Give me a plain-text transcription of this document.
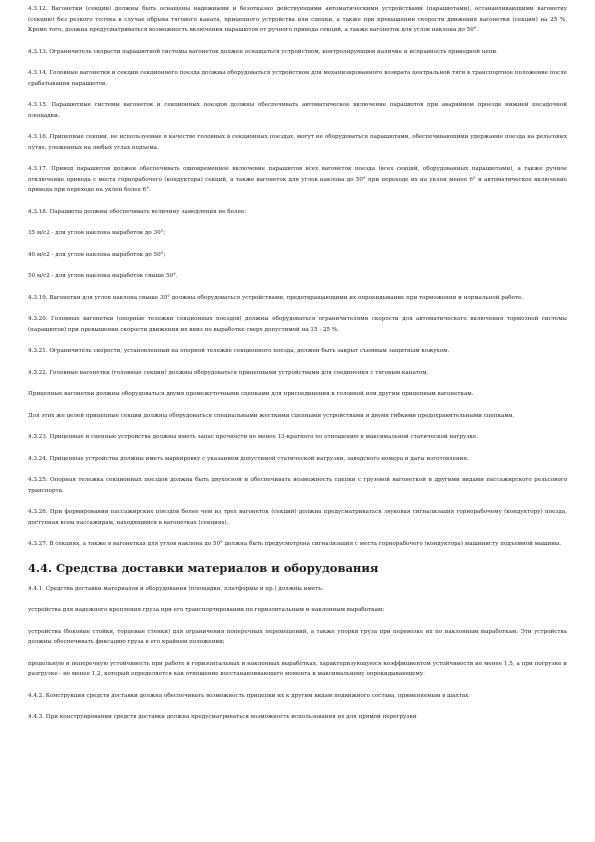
4.3.12. Вагонетки (секции) должны быть оснащены надежными и безотказно действующими автоматическими устройствами (парашютами), останавливающими вагонетку (секцию) без резкого толчка в случае обрыва тягового каната, прицепного устройства или сцепки, а также при превышении скорости движения вагонетки (секции) на 25 %. Кроме того, должна предусматриваться возможность включения парашютов от ручного привода секций, а также вагонеток для углов наклона до 50°.

4.3.13. Ограничитель скорости парашютной системы вагонеток должен оснащаться устройством, контролирующим наличие и исправность приводной цепи.

4.3.14. Головные вагонетки и секции секционного поезда должны оборудоваться устройством для механизированного возврата центральной тяги в транспортное положение после срабатывания парашютов.

4.3.15. Парашютные системы вагонеток и секционных поездов должны обеспечивать автоматическое включение парашютов при аварийном проезде нижней посадочной площадки.

4.3.16. Прицепные секции, не используемые в качестве головных в секционных поездах, могут не оборудоваться парашютами, обеспечивающими удержание поезда на рельсовых путях, уложенных на любых углах подъема.

4.3.17. Привод парашютов должен обеспечивать одновременное включение парашютов всех вагонеток поезда (всех секций, оборудованных парашютами), а также ручное отключение привода с места горнорабочего (кондуктора) секций, а также вагонеток для углов наклона до 50° при переходе их на уклон менее 6° и автоматическое включение привода при переходе на уклон более 6°.

4.3.18. Парашюты должны обеспечивать величину замедления не более:

35 м/с2 - для углов наклона выработок до 30°;

40 м/с2 - для углов наклона выработок до 50°;

50 м/с2 - для углов наклона выработок свыше 50°.

4.3.19. Вагонетки для углов наклона свыше 30° должны оборудоваться устройствами, предотвращающими их опрокидывание при торможении и нормальной работе.

4.3.20. Головные вагонетки (опорные тележки секционных поездов) должны оборудоваться ограничителями скорости для автоматического включения тормозной системы (парашютов) при превышении скорости движения их вниз по выработке сверх допустимой на 15 - 25 %.

4.3.21. Ограничитель скорости, установленный на опорной тележке секционного поезда, должен быть закрыт съемным защитным кожухом.

4.3.22. Головные вагонетки (головные секции) должны оборудоваться прицепными устройствами для соединения с тяговым канатом.

Прицепные вагонетки должны оборудоваться двумя промежуточными сцепками для присоединения к головной или другим прицепным вагонеткам.

Для этих же целей прицепные секции должны оборудоваться специальными жесткими сцепными устройствами и двумя гибкими предохранительными сцепками.

4.3.23. Прицепные и сцепные устройства должны иметь запас прочности не менее 13-кратного по отношению к максимальной статической нагрузке.

4.3.24. Прицепные устройства должны иметь маркировку с указанием допустимой статической нагрузки, заводского номера и даты изготовления.

4.3.25. Опорная тележка секционных поездов должна быть двухосной и обеспечивать возможность сцепки с грузовой вагонеткой и другими видами пассажирского рельсового транспорта.

4.3.26. При формировании пассажирских поездов более чем из трех вагонеток (секций) должна предусматриваться звуковая сигнализация горнорабочему (кондуктору) поезда, доступная всем пассажирам, находящимся в вагонетках (секциях).

4.3.27. В секциях, а также в вагонетках для углов наклона до 50° должна быть предусмотрена сигнализация с места горнорабочего (кондуктора) машинисту подъемной машины.

4.4. Средства доставки материалов и оборудования

4.4.1. Средства доставки материалов и оборудования (площадки, платформы и пр.) должны иметь:

устройства для надежного крепления груза при его транспортировании по горизонтальным и наклонным выработкам;

устройства (боковые стойки, торцевые стенки) для ограничения поперечных перемещений, а также упорки груза при перевозке их по наклонным выработкам. Эти устройства должны обеспечивать фиксацию груза в его крайнем положении;

продольную и поперечную устойчивость при работе в горизонтальных и наклонных выработках, характеризующуюся коэффициентом устойчивости не менее 1,5, а при погрузке и разгрузке - не менее 1,2, который определяется как отношение восстанавливающего момента к максимальному опрокидывающему.

4.4.2. Конструкция средств доставки должна обеспечивать возможность прицепки их к другим видам подвижного состава, применяемым в шахтах.

4.4.3. При конструировании средств доставки должна предусматриваться возможность использования их для прямой перегрузки
